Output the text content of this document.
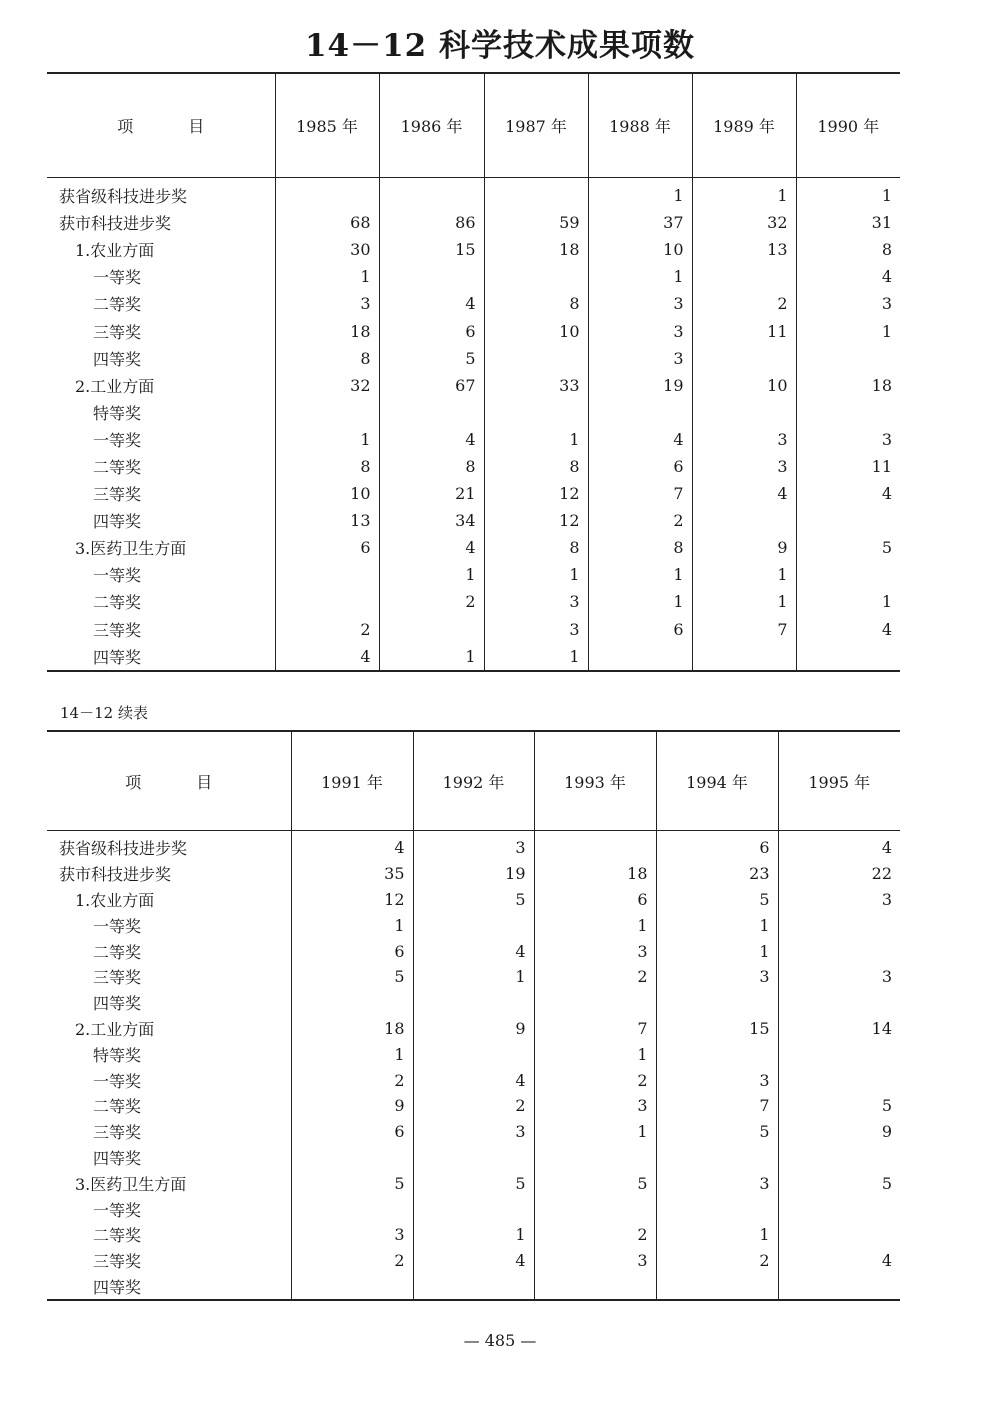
14－12 科学技术成果项数
项目	1985 年	1986 年	1987 年	1988 年	1989 年	1990 年
获省级科技进步奖				1	1	1
获市科技进步奖	68	86	59	37	32	31
1.农业方面	30	15	18	10	13	8
一等奖	1			1		4
二等奖	3	4	8	3	2	3
三等奖	18	6	10	3	11	1
四等奖	8	5		3		
2.工业方面	32	67	33	19	10	18
特等奖						
一等奖	1	4	1	4	3	3
二等奖	8	8	8	6	3	11
三等奖	10	21	12	7	4	4
四等奖	13	34	12	2		
3.医药卫生方面	6	4	8	8	9	5
一等奖		1	1	1	1	
二等奖		2	3	1	1	1
三等奖	2		3	6	7	4
四等奖	4	1	1			

14－12 续表

项目	1991 年	1992 年	1993 年	1994 年	1995 年
获省级科技进步奖	4	3		6	4
获市科技进步奖	35	19	18	23	22
1.农业方面	12	5	6	5	3
一等奖	1		1	1	
二等奖	6	4	3	1	
三等奖	5	1	2	3	3
四等奖					
2.工业方面	18	9	7	15	14
特等奖	1		1		
一等奖	2	4	2	3	
二等奖	9	2	3	7	5
三等奖	6	3	1	5	9
四等奖					
3.医药卫生方面	5	5	5	3	5
一等奖					
二等奖	3	1	2	1	
三等奖	2	4	3	2	4
四等奖					

— 485 —
